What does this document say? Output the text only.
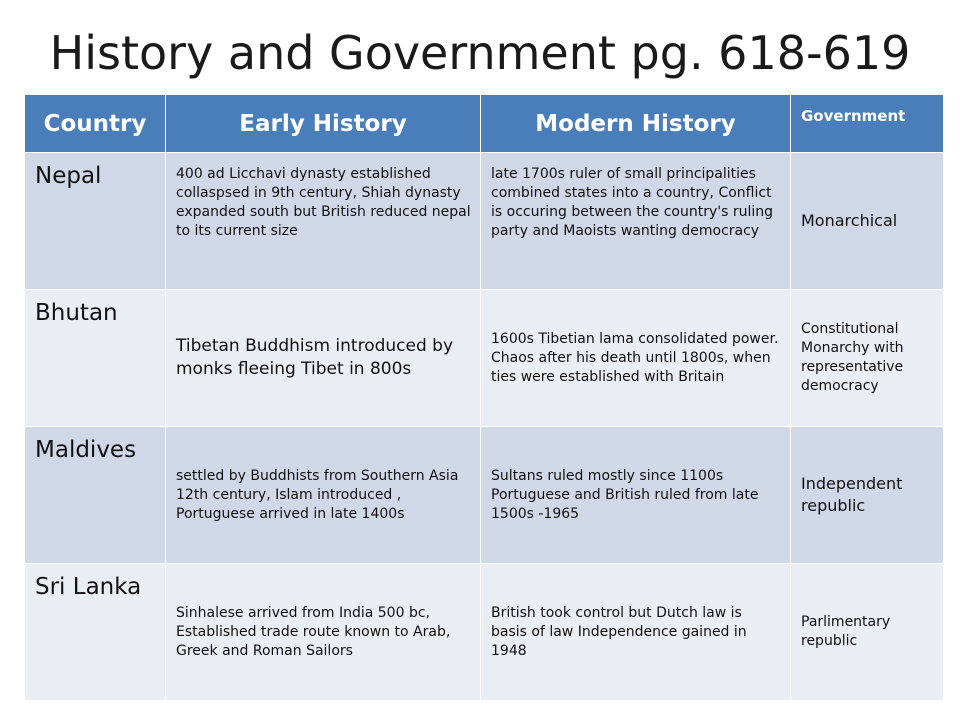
History and Government pg. 618-619
Country	Early History	Modern History	Government
Nepal	400 ad Licchavi dynasty established collaspsed in 9th century, Shiah dynasty expanded south but British reduced nepal to its current size	late 1700s ruler of small principalities combined states into a country, Conflict is occuring between the country's ruling party and Maoists wanting democracy	Monarchical
Bhutan	Tibetan Buddhism introduced by monks fleeing Tibet in 800s	1600s Tibetian lama consolidated power. Chaos after his death until 1800s, when ties were established with Britain	Constitutional Monarchy with representative democracy
Maldives	settled by Buddhists from Southern Asia 12th century, Islam introduced , Portuguese arrived in late 1400s	Sultans ruled mostly since 1100s Portuguese and British ruled from late 1500s -1965	Independent republic
Sri Lanka	Sinhalese arrived from India 500 bc, Established trade route known to Arab, Greek and Roman Sailors	British took control but Dutch law is basis of law Independence gained in 1948	Parlimentary republic
